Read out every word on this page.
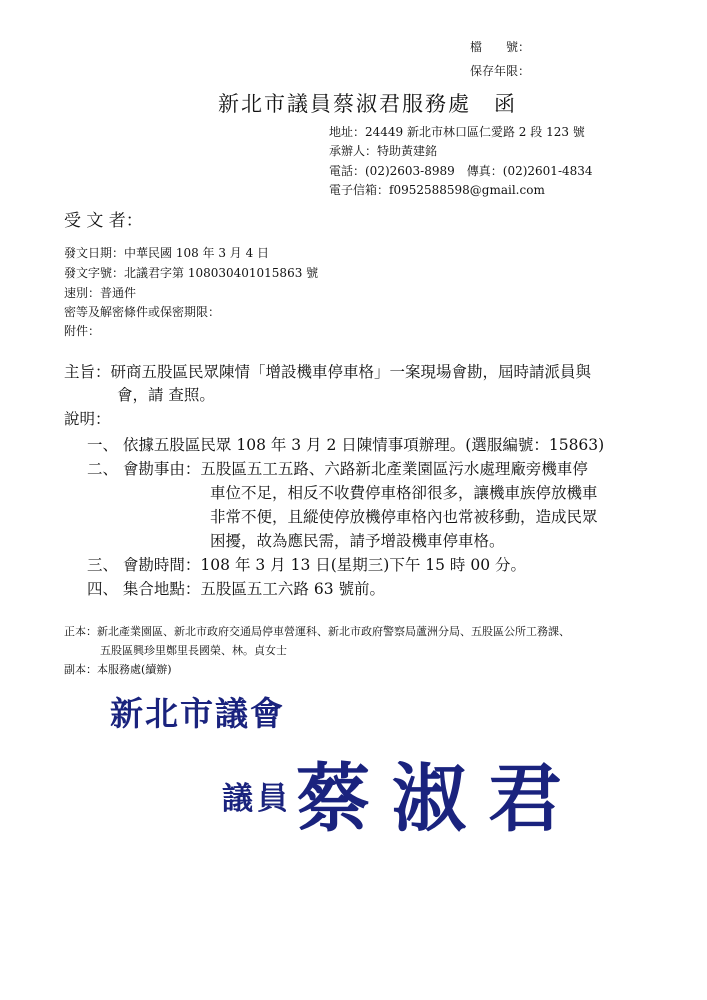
檔　　號：
保存年限：
新北市議員蔡淑君服務處　函
地址：24449 新北市林口區仁愛路 2 段 123 號
承辦人：特助黃建銘
電話：(02)2603-8989　傳真：(02)2601-4834
電子信箱：f0952588598@gmail.com
受 文 者：
發文日期：中華民國 108 年 3 月 4 日
發文字號：北議君字第 108030401015863 號
速別：普通件
密等及解密條件或保密期限：
附件：
主旨：研商五股區民眾陳情「增設機車停車格」一案現場會勘，屆時請派員與
會，請 查照。
說明：
一、 依據五股區民眾 108 年 3 月 2 日陳情事項辦理。(選服編號：15863)
二、 會勘事由：五股區五工五路、六路新北產業園區污水處理廠旁機車停
車位不足，相反不收費停車格卻很多，讓機車族停放機車
非常不便，且縱使停放機停車格內也常被移動，造成民眾
困擾，故為應民需，請予增設機車停車格。
三、 會勘時間：108 年 3 月 13 日(星期三)下午 15 時 00 分。
四、 集合地點：五股區五工六路 63 號前。
正本：新北產業園區、新北市政府交通局停車營運科、新北市政府警察局蘆洲分局、五股區公所工務課、
五股區興珍里鄭里長國榮、林。貞女士
副本：本服務處(續辦)
新北市議會
議員 蔡淑君
